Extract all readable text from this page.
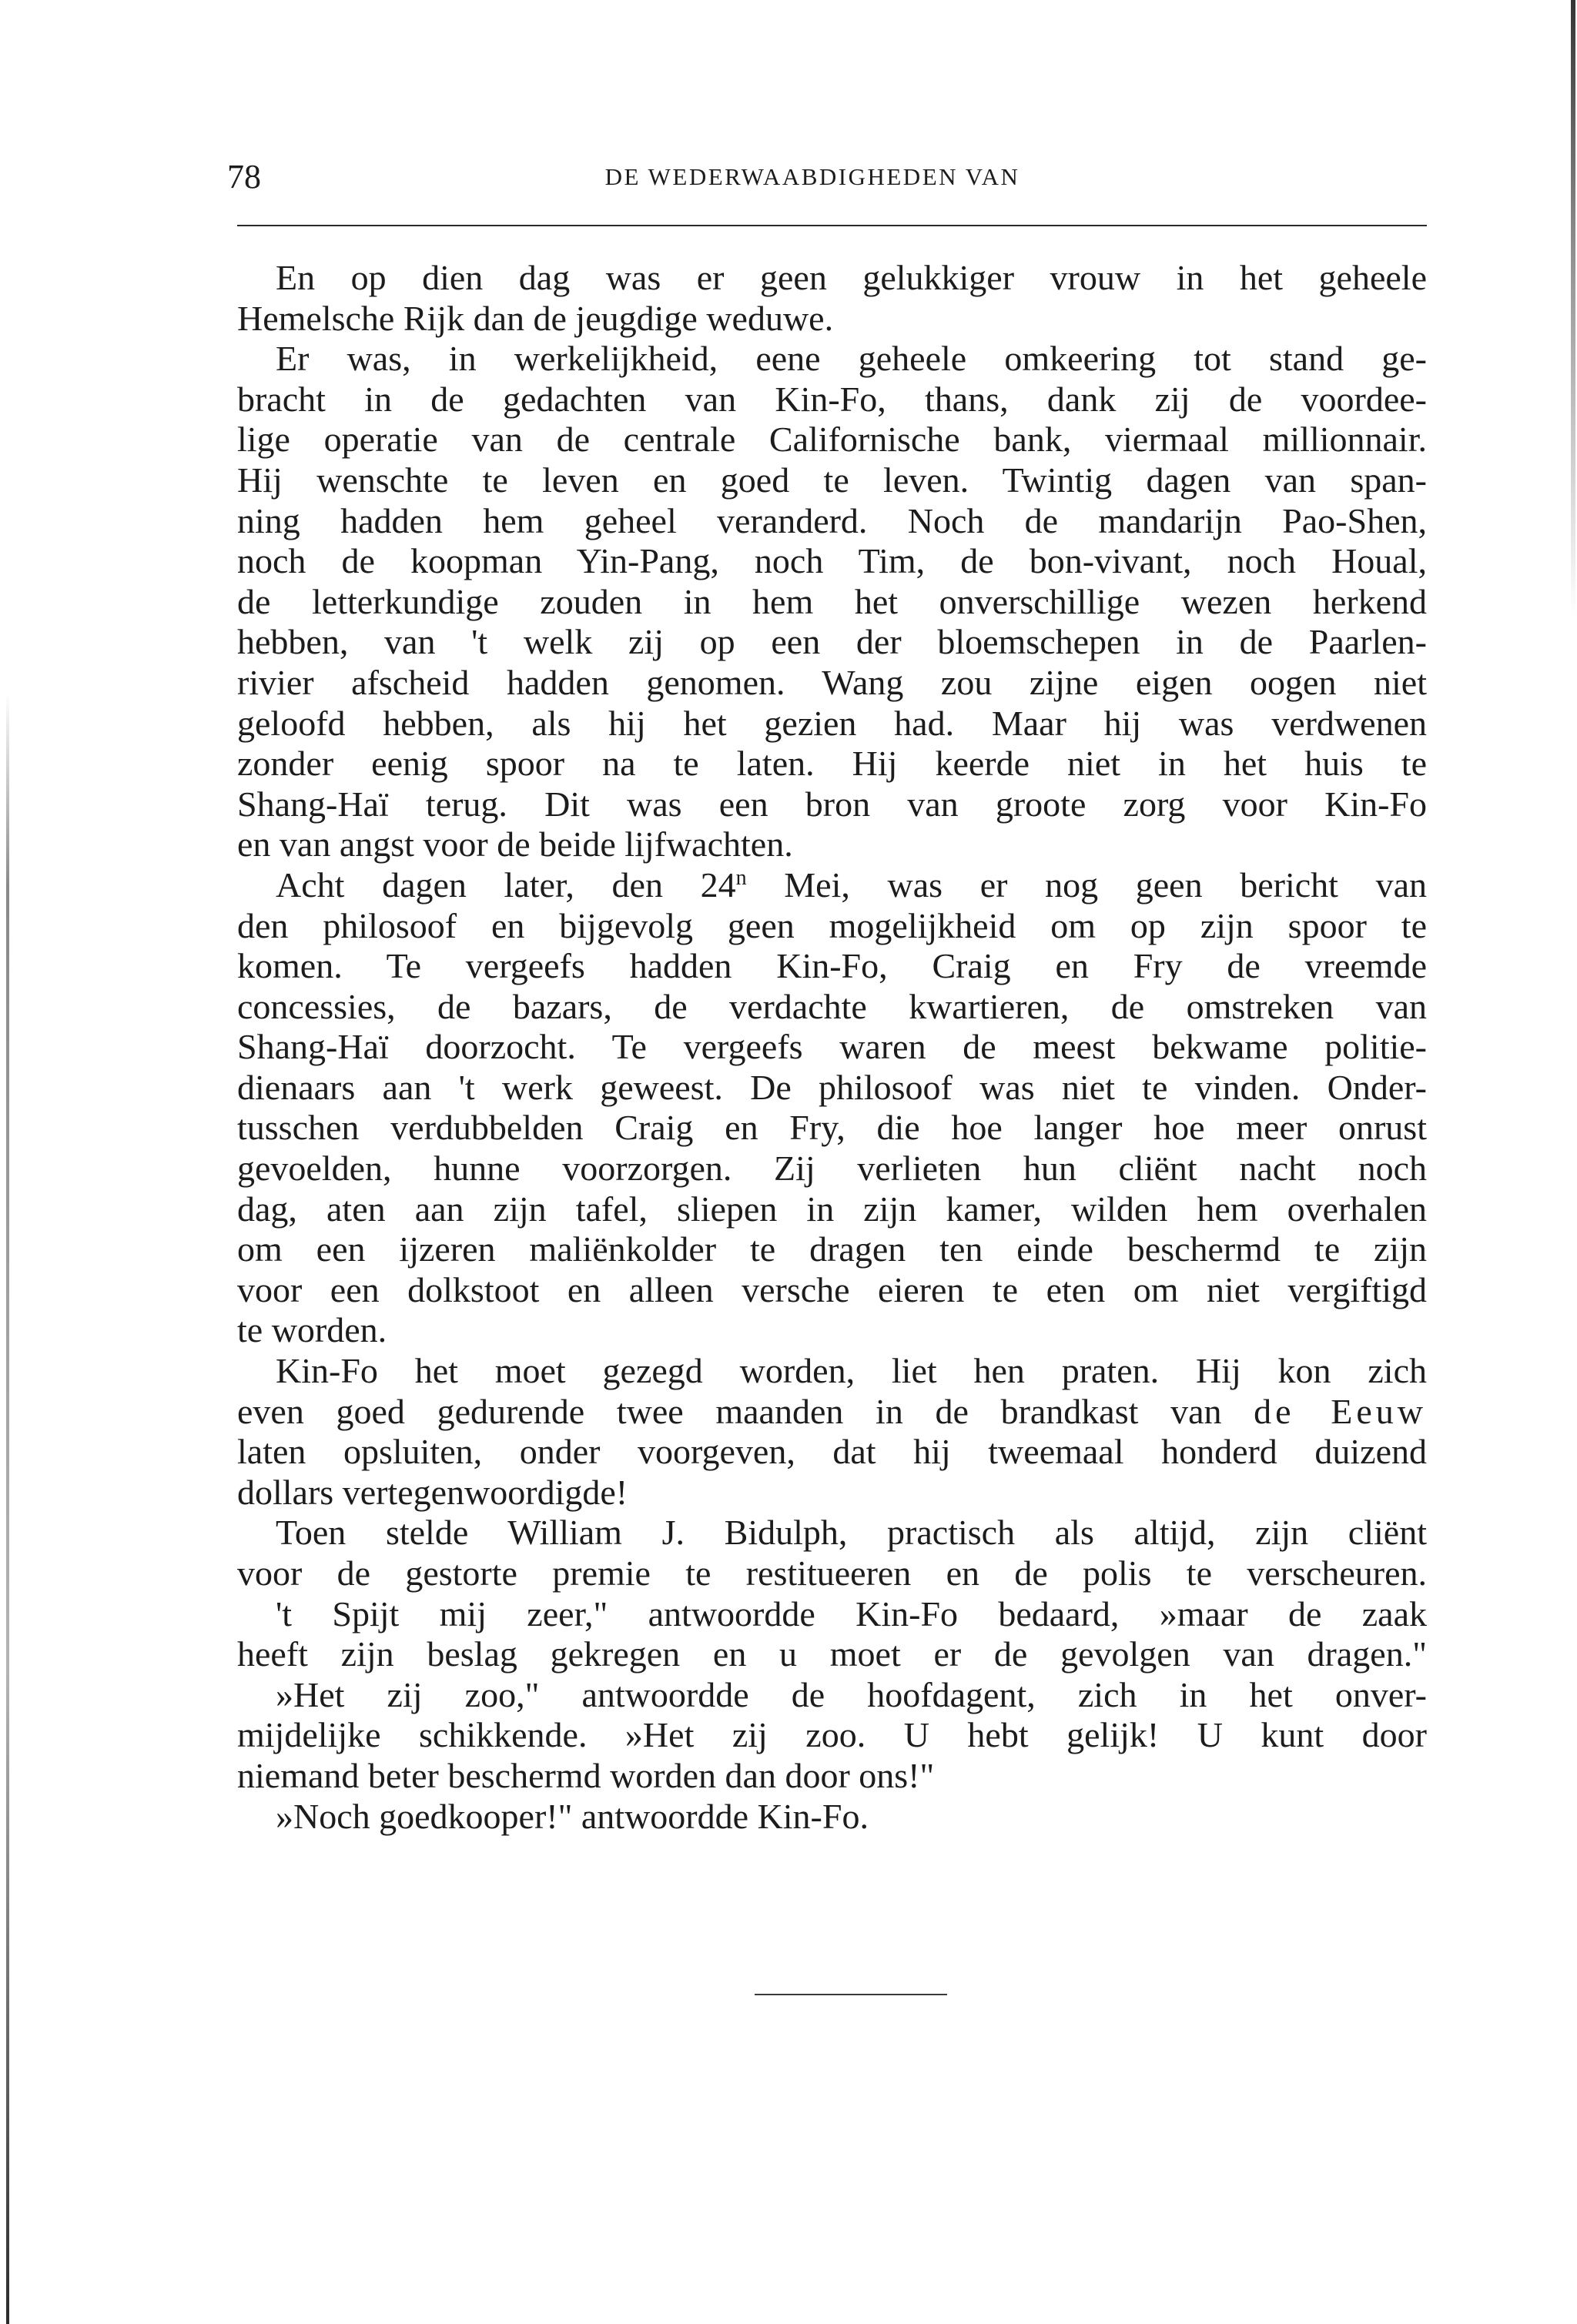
78	DE WEDERWAABDIGHEDEN VAN
En op dien dag was er geen gelukkiger vrouw in het geheele
Hemelsche Rijk dan de jeugdige weduwe.
Er was, in werkelijkheid, eene geheele omkeering tot stand ge-
bracht in de gedachten van Kin-Fo, thans, dank zij de voordee-
lige operatie van de centrale Californische bank, viermaal millionnair.
Hij wenschte te leven en goed te leven. Twintig dagen van span-
ning hadden hem geheel veranderd. Noch de mandarijn Pao-Shen,
noch de koopman Yin-Pang, noch Tim, de bon-vivant, noch Houal,
de letterkundige zouden in hem het onverschillige wezen herkend
hebben, van 't welk zij op een der bloemschepen in de Paarlen-
rivier afscheid hadden genomen. Wang zou zijne eigen oogen niet
geloofd hebben, als hij het gezien had. Maar hij was verdwenen
zonder eenig spoor na te laten. Hij keerde niet in het huis te
Shang-Haï terug. Dit was een bron van groote zorg voor Kin-Fo
en van angst voor de beide lijfwachten.
Acht dagen later, den 24$^n$ Mei, was er nog geen bericht van
den philosoof en bijgevolg geen mogelijkheid om op zijn spoor te
komen. Te vergeefs hadden Kin-Fo, Craig en Fry de vreemde
concessies, de bazars, de verdachte kwartieren, de omstreken van
Shang-Haï doorzocht. Te vergeefs waren de meest bekwame politie-
dienaars aan 't werk geweest. De philosoof was niet te vinden. Onder-
tusschen verdubbelden Craig en Fry, die hoe langer hoe meer onrust
gevoelden, hunne voorzorgen. Zij verlieten hun cliënt nacht noch
dag, aten aan zijn tafel, sliepen in zijn kamer, wilden hem overhalen
om een ijzeren maliënkolder te dragen ten einde beschermd te zijn
voor een dolkstoot en alleen versche eieren te eten om niet vergiftigd
te worden.
Kin-Fo het moet gezegd worden, liet hen praten. Hij kon zich
even goed gedurende twee maanden in de brandkast van de Eeuw
laten opsluiten, onder voorgeven, dat hij tweemaal honderd duizend
dollars vertegenwoordigde!
Toen stelde William J. Bidulph, practisch als altijd, zijn cliënt
voor de gestorte premie te restitueeren en de polis te verscheuren.
't Spijt mij zeer," antwoordde Kin-Fo bedaard, »maar de zaak
heeft zijn beslag gekregen en u moet er de gevolgen van dragen."
»Het zij zoo," antwoordde de hoofdagent, zich in het onver-
mijdelijke schikkende. »Het zij zoo. U hebt gelijk! U kunt door
niemand beter beschermd worden dan door ons!"
»Noch goedkooper!" antwoordde Kin-Fo.
